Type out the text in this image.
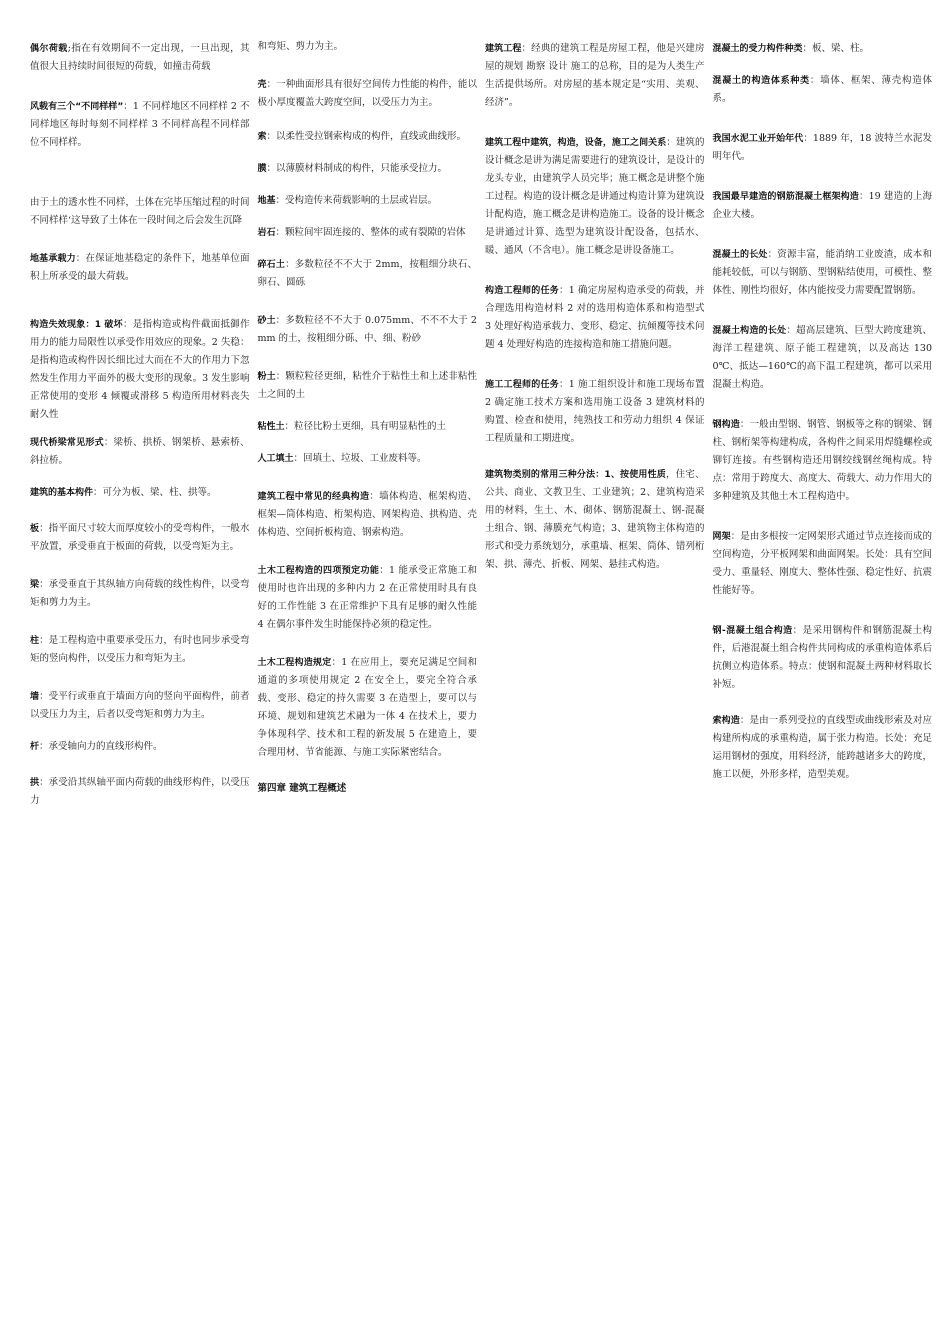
偶尔荷载;指在有效期间不一定出现，一旦出现，其值很大且持续时间很短的荷载，如撞击荷载
风载有三个“不同样样”：1 不同样地区不同样样 2 不同样地区每时每刻不同样样 3 不同样高程不同样部位不同样样。
由于土的透水性不同样，土体在完毕压缩过程的时间不同样样‘这导致了土体在一段时间之后会发生沉降
地基承载力：在保证地基稳定的条件下，地基单位面积上所承受的最大荷载。
构造失效现象：1 破坏：是指构造或构件截面抵御作用力的能力局限性以承受作用效应的现象。2 失稳：是指构造或构件因长细比过大而在不大的作用力下忽然发生作用力平面外的极大变形的现象。3 发生影响正常使用的变形 4 倾覆或滑移 5 构造所用材料丧失耐久性
现代桥梁常见形式：梁桥、拱桥、钢架桥、悬索桥、斜拉桥。
建筑的基本构件：可分为板、梁、柱、拱等。
板：指平面尺寸较大而厚度较小的受弯构件，一般水平放置，承受垂直于板面的荷载，以受弯矩为主。
梁：承受垂直于其纵轴方向荷载的线性构件，以受弯矩和剪力为主。
柱：是工程构造中重要承受压力，有时也同步承受弯矩的竖向构件，以受压力和弯矩为主。
墙：受平行或垂直于墙面方向的竖向平面构件，前者以受压力为主，后者以受弯矩和剪力为主。
杆：承受轴向力的直线形构件。
拱：承受沿其纵轴平面内荷载的曲线形构件，以受压力
和弯矩、剪力为主。
壳：一种曲面形具有很好空间传力性能的构件，能以极小厚度覆盖大跨度空间，以受压力为主。
索：以柔性受拉钢索构成的构件，直线或曲线形。
膜：以薄膜材料制成的构件，只能承受拉力。
地基：受构造传来荷载影响的土层或岩层。
岩石：颗粒间牢固连接的、整体的或有裂隙的岩体
碎石土：多数粒径不不大于 2mm，按粗细分块石、卵石、圆砾
砂土：多数粒径不不大于 0.075mm、不不不大于 2mm 的土，按粗细分砾、中、细、粉砂
粉土：颗粒粒径更细，粘性介于粘性土和上述非粘性土之间的土
粘性土：粒径比粉土更细，具有明显粘性的土
人工填土：回填土、垃圾、工业废料等。
建筑工程中常见的经典构造：墙体构造、框架构造、框架—筒体构造、桁架构造、网架构造、拱构造、壳体构造、空间折板构造、钢索构造。
土木工程构造的四项预定功能：1 能承受正常施工和使用时也许出现的多种内力 2 在正常使用时具有良好的工作性能 3 在正常维护下具有足够的耐久性能 4 在偶尔事件发生时能保持必须的稳定性。
土木工程构造规定：1 在应用上，要充足满足空间和通道的多项使用规定 2 在安全上，要完全符合承载、变形、稳定的持久需要 3 在造型上，要可以与环境、规划和建筑艺术融为一体 4 在技术上，要力争体现科学、技术和工程的新发展 5 在建造上，要合理用材、节省能源、与施工实际紧密结合。
第四章 建筑工程概述
建筑工程：经典的建筑工程是房屋工程，他是兴建房屋的规划 勘察 设计 施工的总称，目的是为人类生产生活提供场所。对房屋的基本规定是“实用、美观、经济”。
建筑工程中建筑，构造，设备，施工之间关系：建筑的设计概念是讲为满足需要进行的建筑设计，是设计的龙头专业，由建筑学人员完毕；施工概念是讲整个施工过程。构造的设计概念是讲通过构造计算为建筑设计配构造，施工概念是讲构造施工。设备的设计概念是讲通过计算、选型为建筑设计配设备，包括水、暖、通风（不含电）。施工概念是讲设备施工。
构造工程师的任务：1 确定房屋构造承受的荷载，并合理选用构造材料 2 对的选用构造体系和构造型式 3 处理好构造承载力、变形、稳定、抗倾覆等技术问题 4 处理好构造的连接构造和施工措施问题。
施工工程师的任务：1 施工组织设计和施工现场布置 2 确定施工技术方案和选用施工设备 3 建筑材料的购置、检查和使用，纯熟技工和劳动力组织 4 保证工程质量和工期进度。
建筑物类别的常用三种分法：1、按使用性质，住宅、公共、商业、文教卫生、工业建筑；2、建筑构造采用的材料，生土、木、砌体、钢筋混凝土、钢-混凝土组合、钢、薄膜充气构造；3、建筑物主体构造的形式和受力系统划分，承重墙、框架、筒体、错列桁架、拱、薄壳、折板、网架、悬挂式构造。
混凝土的受力构件种类：板、梁、柱。
混凝土的构造体系种类：墙体、框架、薄壳构造体系。
我国水泥工业开始年代：1889 年，18 波特兰水泥发明年代。
我国最早建造的钢筋混凝土框架构造：19 建造的上海企业大楼。
混凝土的长处：资源丰富，能消纳工业废渣，成本和能耗较低，可以与钢筋、型钢粘结使用，可模性、整体性、刚性均很好，体内能按受力需要配置钢筋。
混凝土构造的长处：超高层建筑、巨型大跨度建筑、海洋工程建筑、原子能工程建筑，以及高达 1300℃、抵达—160℃的高下温工程建筑，都可以采用混凝土构造。
钢构造：一般由型钢、钢管、钢板等之称的钢梁、钢柱、钢桁架等构建构成，各构件之间采用焊缝螺栓或铆钉连接。有些钢构造还用钢绞线钢丝绳构成。特点：常用于跨度大、高度大、荷载大、动力作用大的多种建筑及其他土木工程构造中。
网架：是由多根按一定网架形式通过节点连接而成的空间构造，分平板网架和曲面网架。长处：具有空间受力、重量轻、刚度大、整体性强、稳定性好、抗震性能好等。
钢-混凝土组合构造：是采用钢构件和钢筋混凝土构件，后港混凝土组合构件共同构成的承重构造体系后抗侧立构造体系。特点：使钢和混凝土两种材料取长补短。
索构造：是由一系列受拉的直线型或曲线形索及对应构建所构成的承重构造，属于张力构造。长处：充足运用钢材的强度，用料经济，能跨越诸多大的跨度，施工以便，外形多样，造型美观。
